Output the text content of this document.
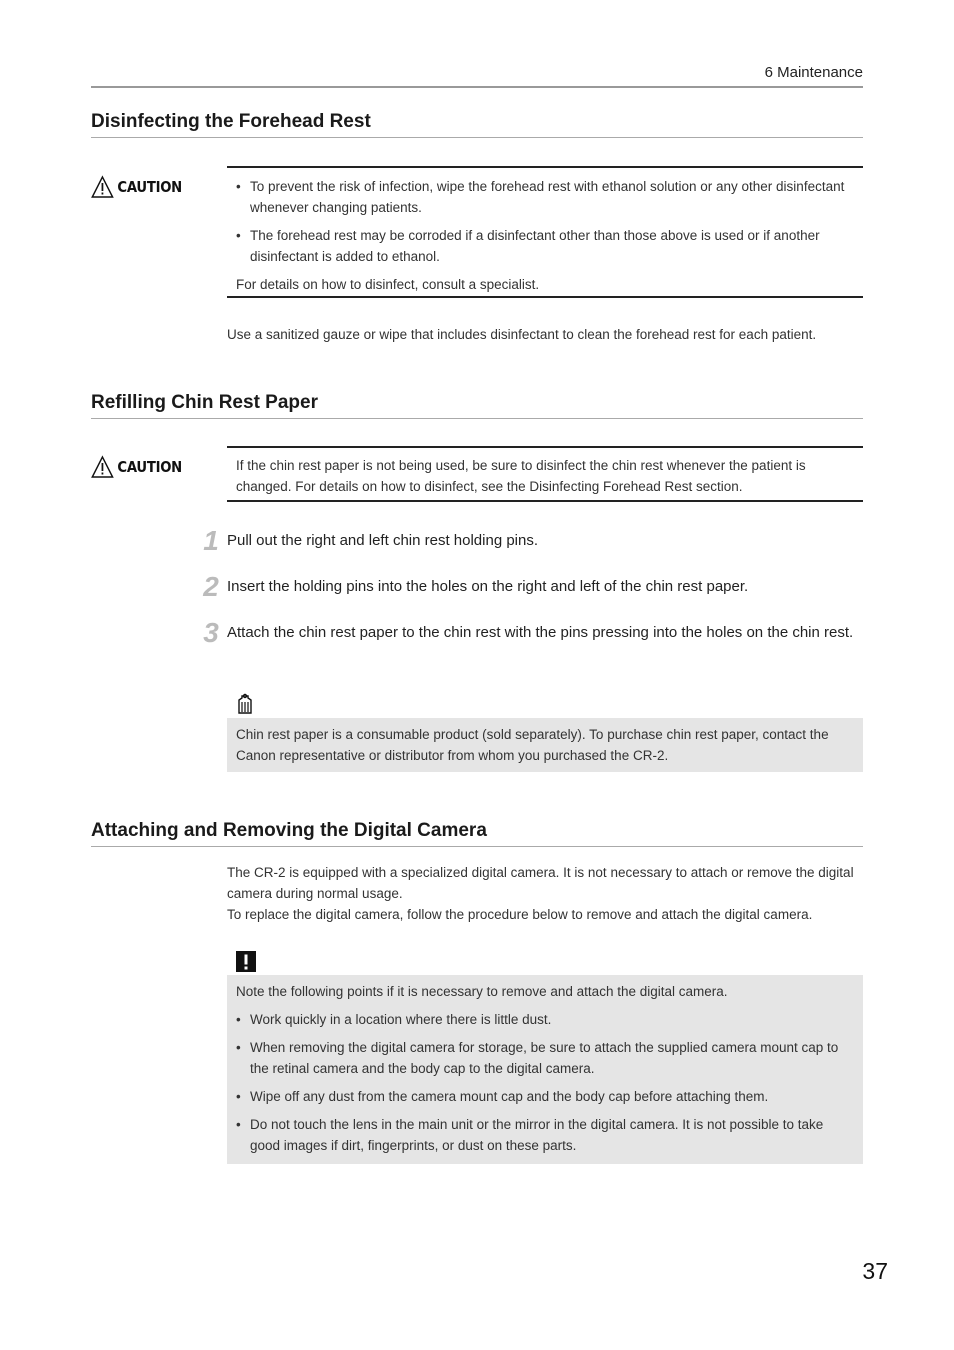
6 Maintenance
Disinfecting the Forehead Rest
CAUTION
•	To prevent the risk of infection, wipe the forehead rest with ethanol solution or any other disinfectant whenever changing patients.
• The forehead rest may be corroded if a disinfectant other than those above is used or if another disinfectant is added to ethanol.

For details on how to disinfect, consult a specialist.

Use a sanitized gauze or wipe that includes disinfectant to clean the forehead rest for each patient.
Refilling Chin Rest Paper
CAUTION	If the chin rest paper is not being used, be sure to disinfect the chin rest whenever the patient is changed. For details on how to disinfect, see the Disinfecting Forehead Rest section.

1 Pull out the right and left chin rest holding pins.
2 Insert the holding pins into the holes on the right and left of the chin rest paper.
3 Attach the chin rest paper to the chin rest with the pins pressing into the holes on the chin rest.

Chin rest paper is a consumable product (sold separately). To purchase chin rest paper, contact the Canon representative or distributor from whom you purchased the CR-2.

Attaching and Removing the Digital Camera
The CR-2 is equipped with a specialized digital camera. It is not necessary to attach or remove the digital camera during normal usage.
To replace the digital camera, follow the procedure below to remove and attach the digital camera.

Note the following points if it is necessary to remove and attach the digital camera.

• Work quickly in a location where there is little dust.
• When removing the digital camera for storage, be sure to attach the supplied camera mount cap to the retinal camera and the body cap to the digital camera.
• Wipe off any dust from the camera mount cap and the body cap before attaching them.
• Do not touch the lens in the main unit or the mirror in the digital camera. It is not possible to take good images if dirt, fingerprints, or dust on these parts.
37
